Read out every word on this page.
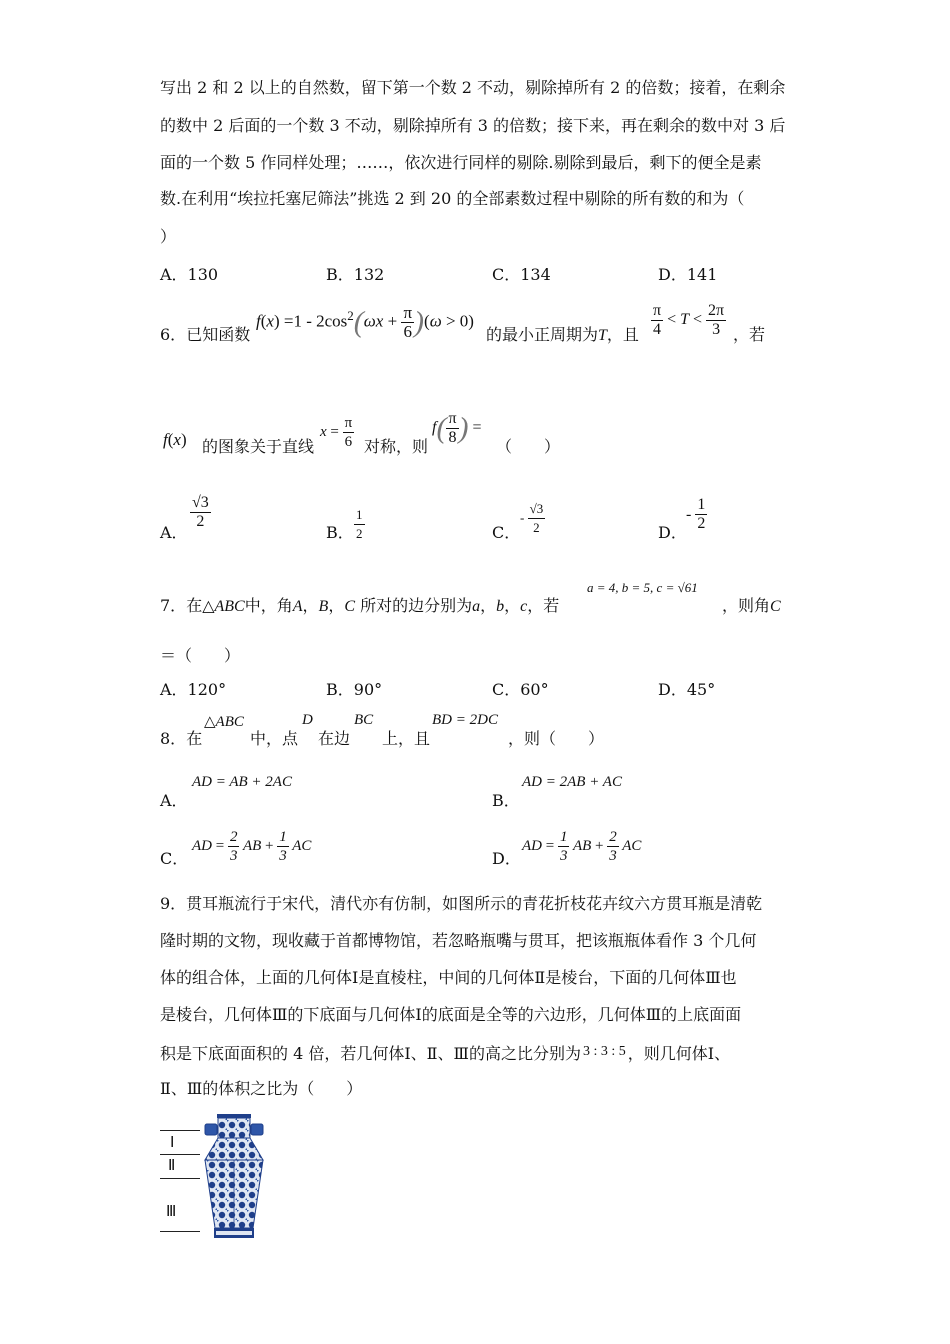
写出 2 和 2 以上的自然数，留下第一个数 2 不动，剔除掉所有 2 的倍数；接着，在剩余
的数中 2 后面的一个数 3 不动，剔除掉所有 3 的倍数；接下来，再在剩余的数中对 3 后
面的一个数 5 作同样处理；……，依次进行同样的剔除.剔除到最后，剩下的便全是素
数.在利用“埃拉托塞尼筛法”挑选 2 到 20 的全部素数过程中剔除的所有数的和为（
）
A．130	B．132	C．134	D．141
6．已知函数
$f(x) =1 - 2\cos^2(\omega x + \frac{\pi}{6} )(\omega > 0)$
的最小正周期为T，且 $\frac{\pi}{4} < T < \frac{2\pi}{3}$ ，若
f(x) 的图象关于直线
$x = \frac{\pi}{6}$ 对称，则
$f( \frac{\pi}{8}$ ) =
（　　）
A．
$\frac{√3}{2}$
B． $\frac{1}{2}$	C．
- $\frac{√3}{2}$	D．
- $\frac{1}{2}$
7．在△ABC中，角A，B，C 所对的边分别为a，b，c，若
a = 4, b = 5, c = √61
，则角C
＝（　　）
A．120°	B．90°	C．60°	D．45°
8．在
△ABC
中，点
D
在边
BC
上，且
BD = 2DC
，则（　　）
A．
AD = AB + 2AC
B．
AD = 2AB + AC
C．
AD = $\frac{2}{3}$ AB + $\frac{1}{3}$ AC
D．
AD = $\frac{1}{3}$ AB + $\frac{2}{3}$ AC
9．贯耳瓶流行于宋代，清代亦有仿制，如图所示的青花折枝花卉纹六方贯耳瓶是清乾
隆时期的文物，现收藏于首都博物馆，若忽略瓶嘴与贯耳，把该瓶瓶体看作 3 个几何
体的组合体，上面的几何体Ⅰ是直棱柱，中间的几何体Ⅱ是棱台，下面的几何体Ⅲ也
是棱台，几何体Ⅲ的下底面与几何体Ⅰ的底面是全等的六边形，几何体Ⅲ的上底面面
积是下底面面积的 4 倍，若几何体Ⅰ、Ⅱ、Ⅲ的高之比分别为 3 : 3 : 5 ，则几何体Ⅰ、
Ⅱ、Ⅲ的体积之比为（　　）
Ⅰ
Ⅱ
Ⅲ
